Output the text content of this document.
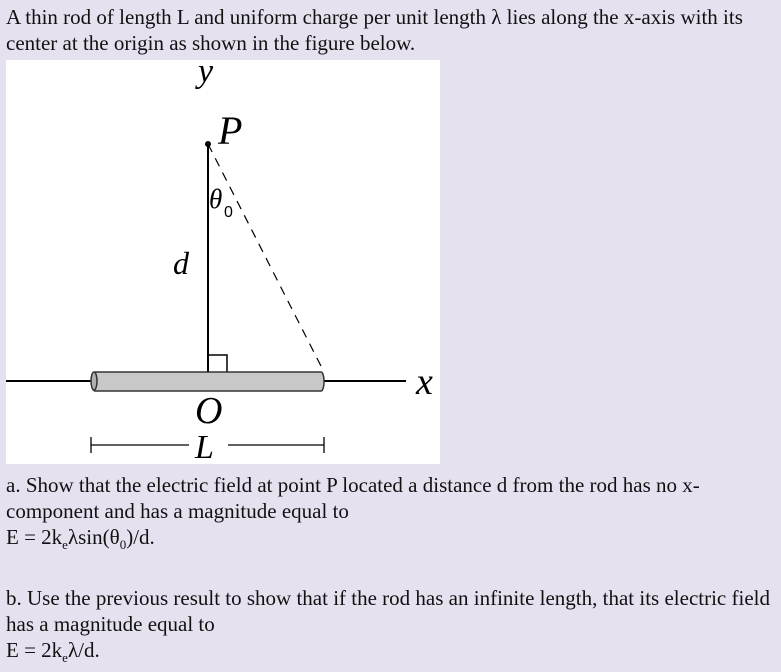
A thin rod of length L and uniform charge per unit length λ lies along the x-axis with its center at the origin as shown in the figure below.

y
P
θ 0
d
x
O
L

a. Show that the electric field at point P located a distance d from the rod has no x-component and has a magnitude equal to

$E = 2k_e\lambda\sin(\theta_0)/d$.

b. Use the previous result to show that if the rod has an infinite length, that its electric field has a magnitude equal to

$E = 2k_e\lambda/d$.
